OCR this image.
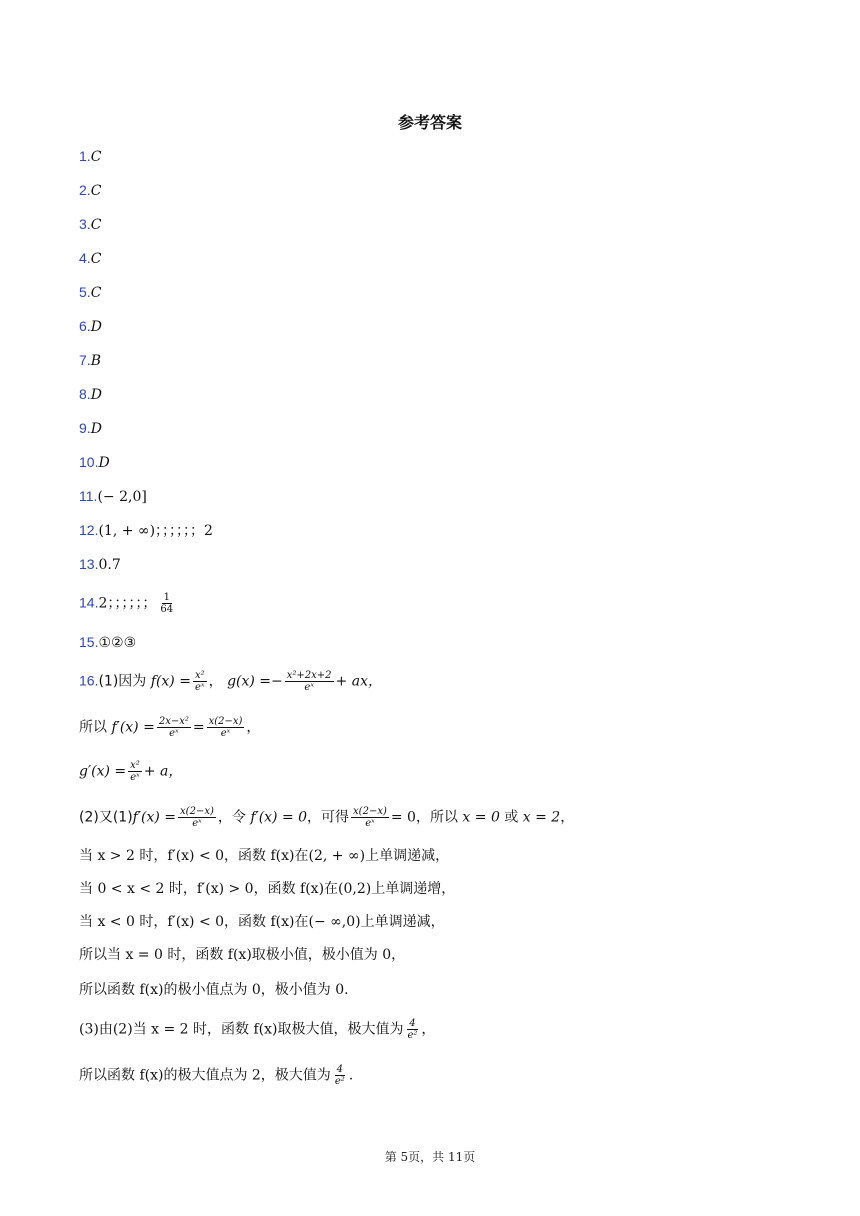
参考答案
1.C
2.C
3.C
4.C
5.C
6.D
7.B
8.D
9.D
10.D
11.(− 2,0]
12.(1, + ∞)；；；；；；2
13.0.7
14.2；；；；；； $\frac{1}{64}$
15.①②③
16.(1)因为 $f(x) = \frac{\text{x²}}{\text{eˣ}}$ ， $g(x) =- \frac{\text{x²+2x+2}}{\text{eˣ}}$ + ax，
所以 $f'(x) = \frac{\text{2x−x²}}{\text{eˣ}} = \frac{x(2-x)}{\text{eˣ}}$ ，
$g'(x) = \frac{\text{x²}}{\text{eˣ}} + a$，
(2)又$(1)f'(x) = \frac{x(2-x)}{\text{eˣ}}$ ，令 f′(x) = 0，可得 $\frac{x(2-x)}{\text{eˣ}} = 0$，所以 x = 0 或 x = 2，
当 x > 2 时，f′(x) < 0，函数 f(x)在(2, + ∞)上单调递减，
当 0 < x < 2 时，f′(x) > 0，函数 f(x)在(0,2)上单调递增，
当 x < 0 时，f′(x) < 0，函数 f(x)在(− ∞,0)上单调递减，
所以当 x = 0 时，函数 f(x)取极小值，极小值为 0，
所以函数 f(x)的极小值点为 0，极小值为 0.
(3)由(2)当 x = 2 时，函数 f(x)取极大值，极大值为 $\frac{4}{\text{e²}}$ ，
所以函数 f(x)的极大值点为 2，极大值为 $\frac{4}{\text{e²}}$ .
第 5页，共 11页
